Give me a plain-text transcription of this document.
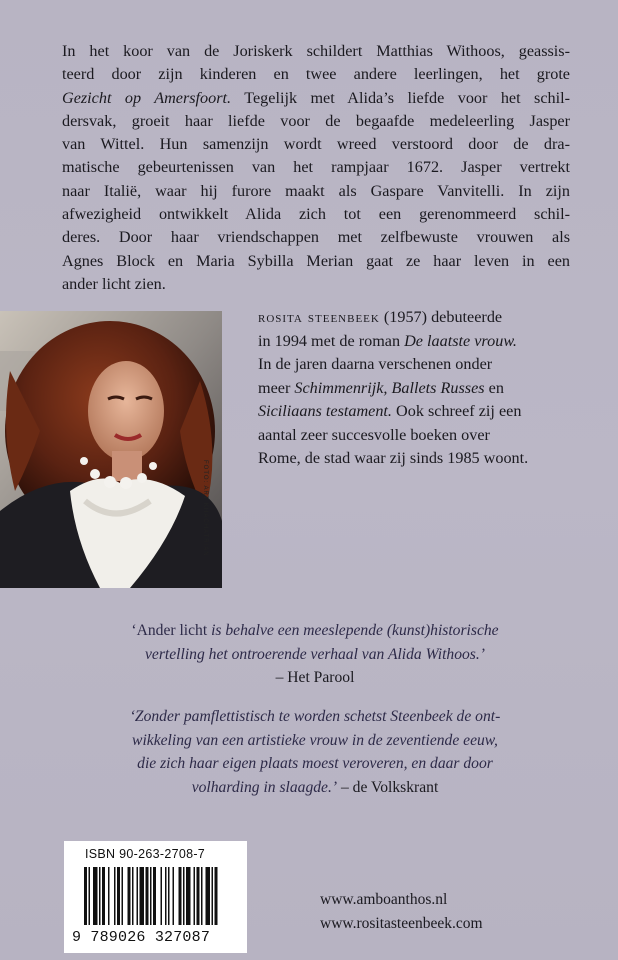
In het koor van de Joriskerk schildert Matthias Withoos, geassis-
teerd door zijn kinderen en twee andere leerlingen, het grote
Gezicht op Amersfoort. Tegelijk met Alida’s liefde voor het schil-
dersvak, groeit haar liefde voor de begaafde medeleerling Jasper
van Wittel. Hun samenzijn wordt wreed verstoord door de dra-
matische gebeurtenissen van het rampjaar 1672. Jasper vertrekt
naar Italië, waar hij furore maakt als Gaspare Vanvitelli. In zijn
afwezigheid ontwikkelt Alida zich tot een gerenommeerd schil-
deres. Door haar vriendschappen met zelfbewuste vrouwen als
Agnes Block en Maria Sybilla Merian gaat ze haar leven in een
ander licht zien.
FOTO: ART KHACHATRIAN
rosita steenbeek (1957) debuteerde
in 1994 met de roman De laatste vrouw.
In de jaren daarna verschenen onder
meer Schimmenrijk, Ballets Russes en
Siciliaans testament. Ook schreef zij een
aantal zeer succesvolle boeken over
Rome, de stad waar zij sinds 1985 woont.
‘Ander licht is behalve een meeslepende (kunst)historische
vertelling het ontroerende verhaal van Alida Withoos.’
– Het Parool
‘Zonder pamflettistisch te worden schetst Steenbeek de ont-
wikkeling van een artistieke vrouw in de zeventiende eeuw,
die zich haar eigen plaats moest veroveren, en daar door
volharding in slaagde.’ – de Volkskrant
ISBN 90-263-2708-7
9 789026 327087
www.amboanthos.nl
www.rositasteenbeek.com
